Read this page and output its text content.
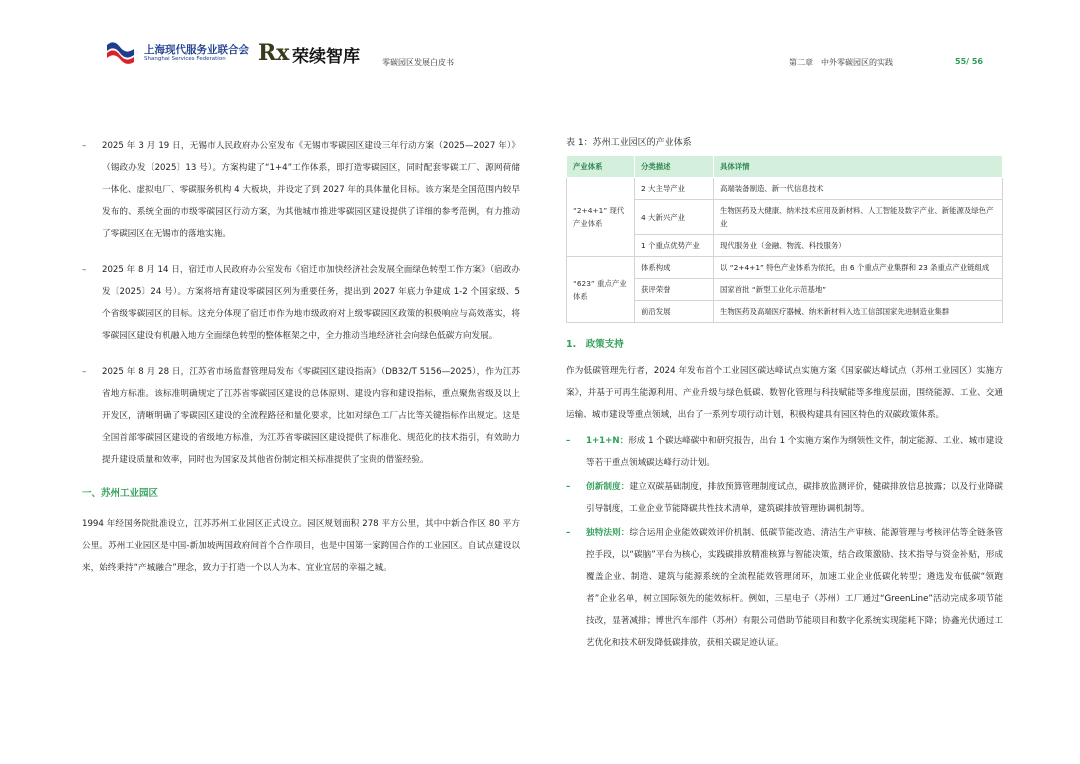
上海现代服务业联合会
Shanghai Services Federation Rx 荣续智库	零碳园区发展白皮书	第二章　中外零碳园区的实践	55/ 56
– 2025 年 3 月 19 日，无锡市人民政府办公室发布《无锡市零碳园区建设三年行动方案（2025—2027 年）》（锡政办发〔2025〕13 号）。方案构建了“1+4”工作体系，即打造零碳园区，同时配套零碳工厂、源网荷储一体化、虚拟电厂、零碳服务机构 4 大板块，并设定了到 2027 年的具体量化目标。该方案是全国范围内较早发布的、系统全面的市级零碳园区行动方案，为其他城市推进零碳园区建设提供了详细的参考范例，有力推动了零碳园区在无锡市的落地实施。
– 2025 年 8 月 14 日，宿迁市人民政府办公室发布《宿迁市加快经济社会发展全面绿色转型工作方案》（宿政办发〔2025〕24 号）。方案将培育建设零碳园区列为重要任务，提出到 2027 年底力争建成 1-2 个国家级、5 个省级零碳园区的目标。这充分体现了宿迁市作为地市级政府对上级零碳园区政策的积极响应与高效落实，将零碳园区建设有机融入地方全面绿色转型的整体框架之中，全力推动当地经济社会向绿色低碳方向发展。
– 2025 年 8 月 28 日，江苏省市场监督管理局发布《零碳园区建设指南》（DB32/T 5156—2025），作为江苏省地方标准。该标准明确规定了江苏省零碳园区建设的总体原则、建设内容和建设指标，重点聚焦省级及以上开发区，清晰明确了零碳园区建设的全流程路径和量化要求，比如对绿色工厂占比等关键指标作出规定。这是全国首部零碳园区建设的省级地方标准，为江苏省零碳园区建设提供了标准化、规范化的技术指引，有效助力提升建设质量和效率，同时也为国家及其他省份制定相关标准提供了宝贵的借鉴经验。
一、苏州工业园区
1994 年经国务院批准设立，江苏苏州工业园区正式设立。园区规划面积 278 平方公里，其中中新合作区 80 平方公里。苏州工业园区是中国-新加坡两国政府间首个合作项目，也是中国第一家跨国合作的工业园区。自试点建设以来，始终秉持“产城融合”理念，致力于打造一个以人为本、宜业宜居的幸福之城。
表 1：苏州工业园区的产业体系
产业体系	分类描述	具体详情
“2+4+1” 现代产业体系	2 大主导产业	高端装备制造、新一代信息技术
	4 大新兴产业	生物医药及大健康、纳米技术应用及新材料、人工智能及数字产业、新能源及绿色产业
	1 个重点优势产业	现代服务业（金融、物流、科技服务）
“623” 重点产业体系	体系构成	以 “2+4+1” 特色产业体系为依托，由 6 个重点产业集群和 23 条重点产业链组成
	获评荣誉	国家首批 “新型工业化示范基地”
	前沿发展	生物医药及高端医疗器械、纳米新材料入选工信部国家先进制造业集群
1.　政策支持
作为低碳管理先行者，2024 年发布首个工业园区碳达峰试点实施方案《国家碳达峰试点（苏州工业园区）实施方案》，并基于可再生能源利用、产业升级与绿色低碳、数智化管理与科技赋能等多维度层面，围绕能源、工业、交通运输、城市建设等重点领域，出台了一系列专项行动计划，积极构建具有园区特色的双碳政策体系。
– 1+1+N：形成 1 个碳达峰碳中和研究报告，出台 1 个实施方案作为纲领性文件，制定能源、工业、城市建设等若干重点领域碳达峰行动计划。
– 创新制度：建立双碳基础制度，排放预算管理制度试点，碳排放监测评价，健碳排放信息披露；以及行业降碳引导制度，工业企业节能降碳共性技术清单，建筑碳排放管理协调机制等。
– 独特法则：综合运用企业能效碳效评价机制、低碳节能改造、清洁生产审核、能源管理与考核评估等全链条管控手段，以“碳脑”平台为核心，实践碳排放精准核算与智能决策，结合政策激励、技术指导与资金补贴，形成覆盖企业、制造、建筑与能源系统的全流程能效管理闭环，加速工业企业低碳化转型；遴选发布低碳“领跑者”企业名单，树立国际领先的能效标杆。例如，三星电子（苏州）工厂通过“GreenLine”活动完成多项节能技改，显著减排；博世汽车部件（苏州）有限公司借助节能项目和数字化系统实现能耗下降；协鑫光伏通过工艺优化和技术研发降低碳排放，获相关碳足迹认证。
